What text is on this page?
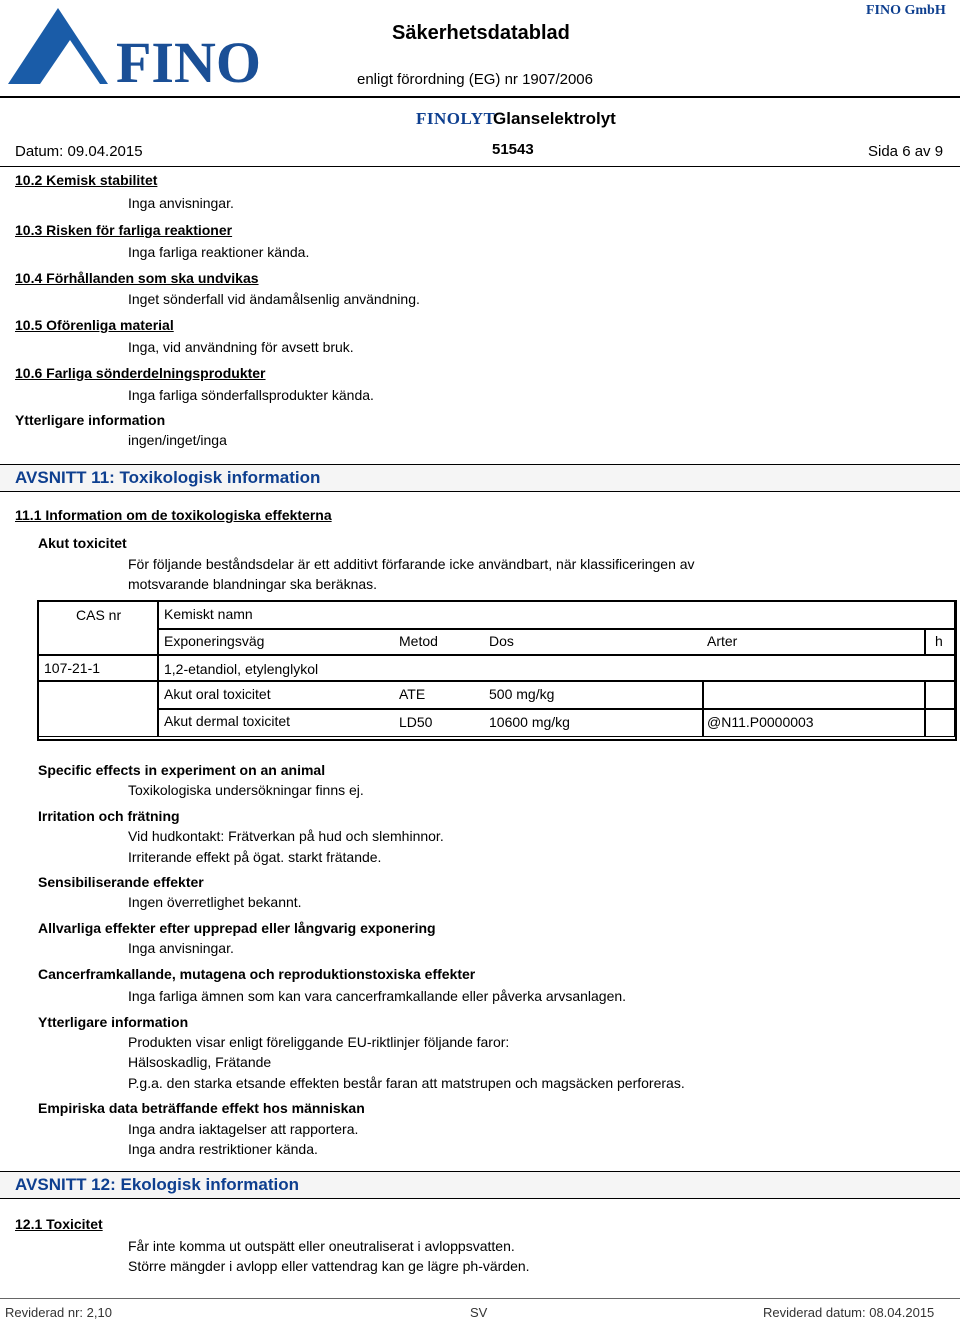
FINO	Säkerhetsdatablad
enligt förordning (EG) nr 1907/2006
FINO GmbH
FINOLYT
Glanselektrolyt
Datum: 09.04.2015	51543	Sida 6 av 9
10.2 Kemisk stabilitet
Inga anvisningar.
10.3 Risken för farliga reaktioner
Inga farliga reaktioner kända.
10.4 Förhållanden som ska undvikas
Inget sönderfall vid ändamålsenlig användning.
10.5 Oförenliga material
Inga, vid användning för avsett bruk.
10.6 Farliga sönderdelningsprodukter
Inga farliga sönderfallsprodukter kända.
Ytterligare information
ingen/inget/inga
AVSNITT 11: Toxikologisk information
11.1 Information om de toxikologiska effekterna
Akut toxicitet
För följande beståndsdelar är ett additivt förfarande icke användbart, när klassificeringen av
motsvarande blandningar ska beräknas.
CAS nr	Kemiskt namn
Exponeringsväg	Metod	Dos	Arter	h
107-21-1	1,2-etandiol, etylenglykol
Akut oral toxicitet	ATE	500 mg/kg
Akut dermal toxicitet	LD50	10600 mg/kg	@N11.P0000003
Specific effects in experiment on an animal
Toxikologiska undersökningar finns ej.
Irritation och frätning
Vid hudkontakt: Frätverkan på hud och slemhinnor.
Irriterande effekt på ögat. starkt frätande.
Sensibiliserande effekter
Ingen överretlighet bekannt.
Allvarliga effekter efter upprepad eller långvarig exponering
Inga anvisningar.
Cancerframkallande, mutagena och reproduktionstoxiska effekter
Inga farliga ämnen som kan vara cancerframkallande eller påverka arvsanlagen.
Ytterligare information
Produkten visar enligt föreliggande EU-riktlinjer följande faror:
Hälsoskadlig, Frätande
P.g.a. den starka etsande effekten består faran att matstrupen och magsäcken perforeras.
Empiriska data beträffande effekt hos människan
Inga andra iaktagelser att rapportera.
Inga andra restriktioner kända.
AVSNITT 12: Ekologisk information
12.1 Toxicitet
Får inte komma ut outspätt eller oneutraliserat i avloppsvatten.
Större mängder i avlopp eller vattendrag kan ge lägre ph-värden.
Reviderad nr: 2,10	SV	Reviderad datum: 08.04.2015
